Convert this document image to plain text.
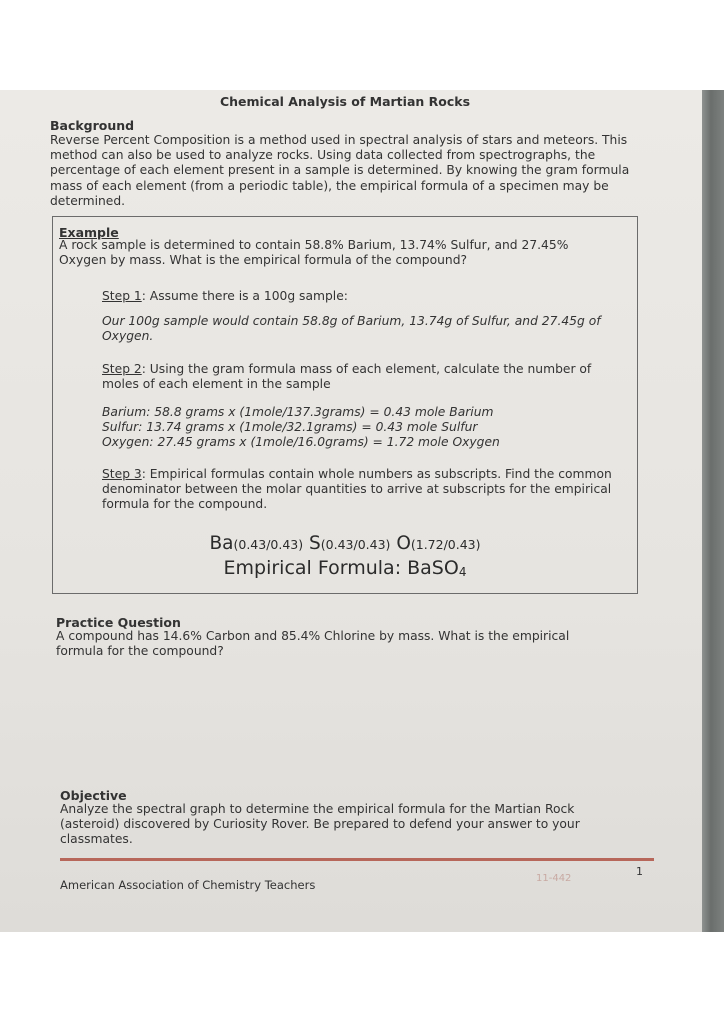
Chemical Analysis of Martian Rocks
Background
Reverse Percent Composition is a method used in spectral analysis of stars and meteors. This method can also be used to analyze rocks. Using data collected from spectrographs, the percentage of each element present in a sample is determined. By knowing the gram formula mass of each element (from a periodic table), the empirical formula of a specimen may be determined.
Example
A rock sample is determined to contain 58.8% Barium, 13.74% Sulfur, and 27.45% Oxygen by mass. What is the empirical formula of the compound?
Step 1: Assume there is a 100g sample:
Our 100g sample would contain 58.8g of Barium, 13.74g of Sulfur, and 27.45g of Oxygen.
Step 2: Using the gram formula mass of each element, calculate the number of moles of each element in the sample
Barium: 58.8 grams x (1mole/137.3grams) = 0.43 mole Barium
Sulfur: 13.74 grams x (1mole/32.1grams) = 0.43 mole Sulfur
Oxygen: 27.45 grams x (1mole/16.0grams) = 1.72 mole Oxygen
Step 3: Empirical formulas contain whole numbers as subscripts. Find the common denominator between the molar quantities to arrive at subscripts for the empirical formula for the compound.
Ba(0.43/0.43) S(0.43/0.43) O(1.72/0.43)
Empirical Formula: BaSO$_4$
Practice Question
A compound has 14.6% Carbon and 85.4% Chlorine by mass. What is the empirical formula for the compound?
Objective
Analyze the spectral graph to determine the empirical formula for the Martian Rock (asteroid) discovered by Curiosity Rover. Be prepared to defend your answer to your classmates.
American Association of Chemistry Teachers	11-442
1
